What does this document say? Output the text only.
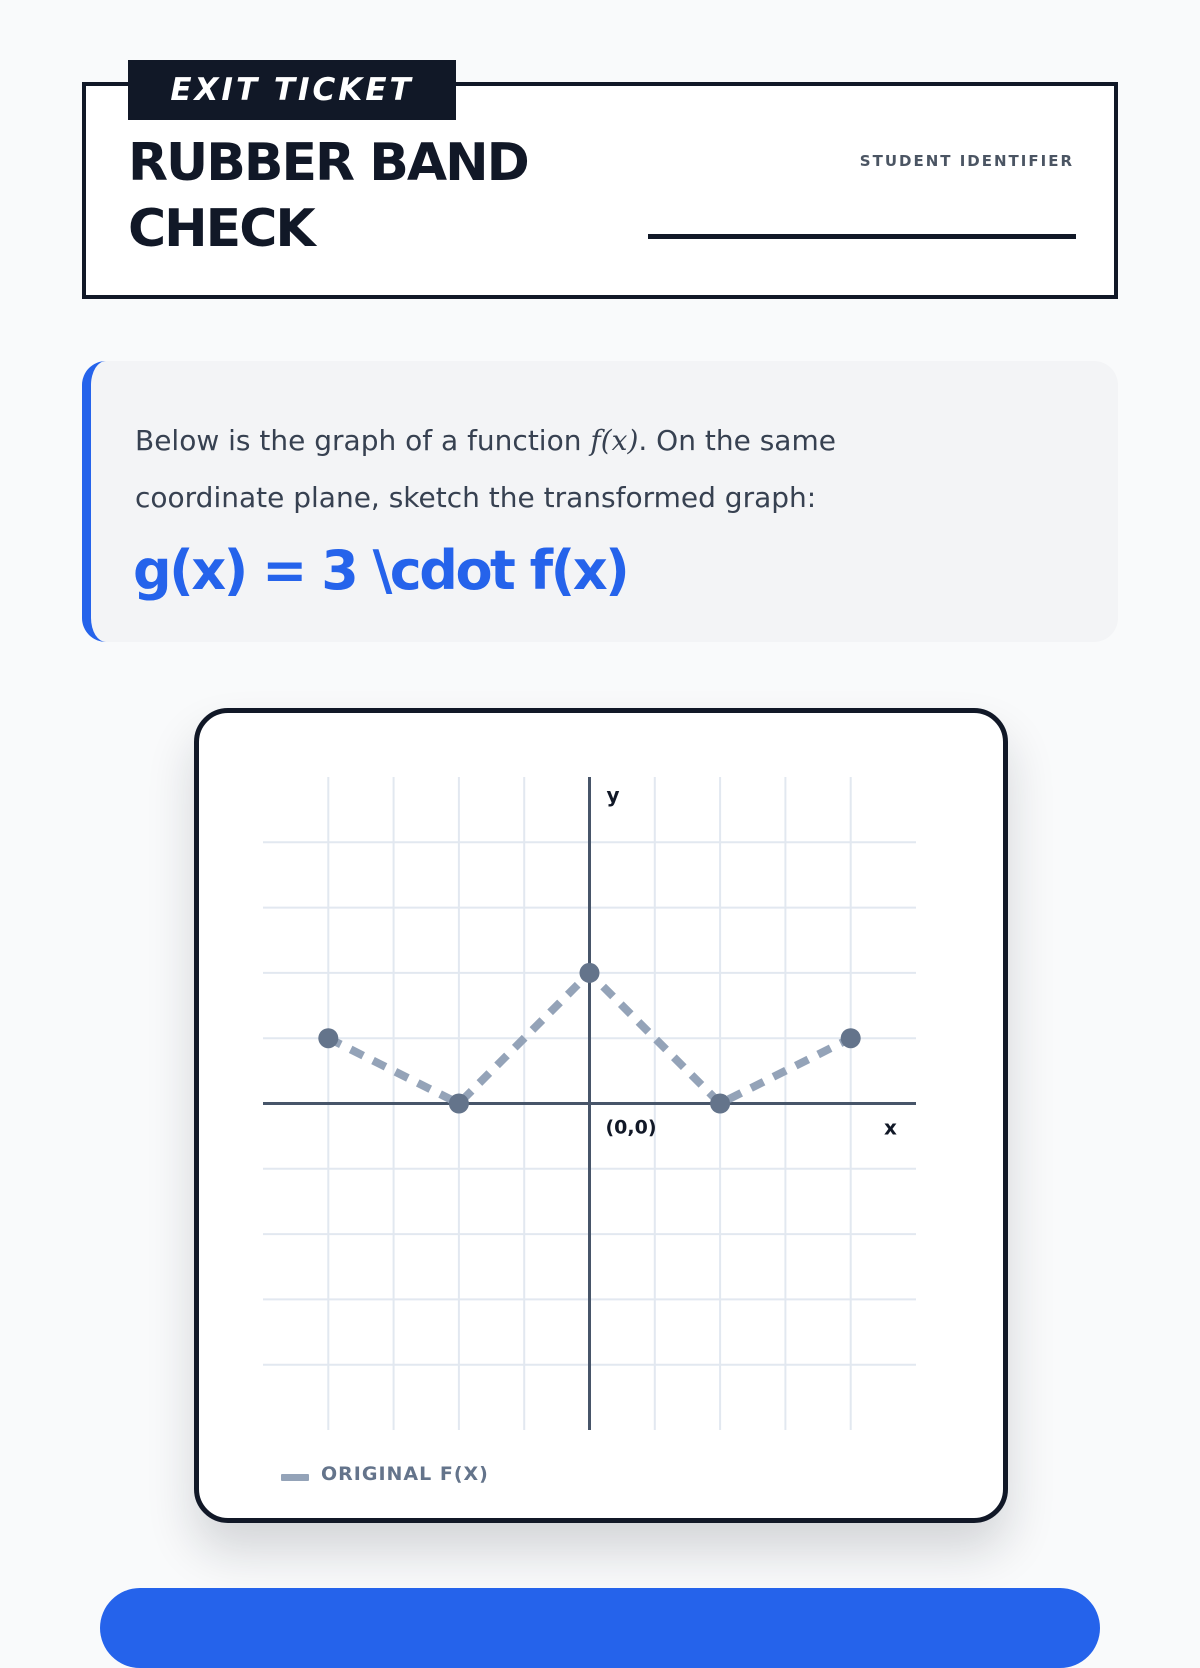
EXIT TICKET
RUBBER BAND
CHECK
STUDENT IDENTIFIER

Below is the graph of a function f(x). On the same coordinate plane, sketch the transformed graph:

g(x) = 3 \cdot f(x)
y
x
(0,0)
ORIGINAL F(X)
